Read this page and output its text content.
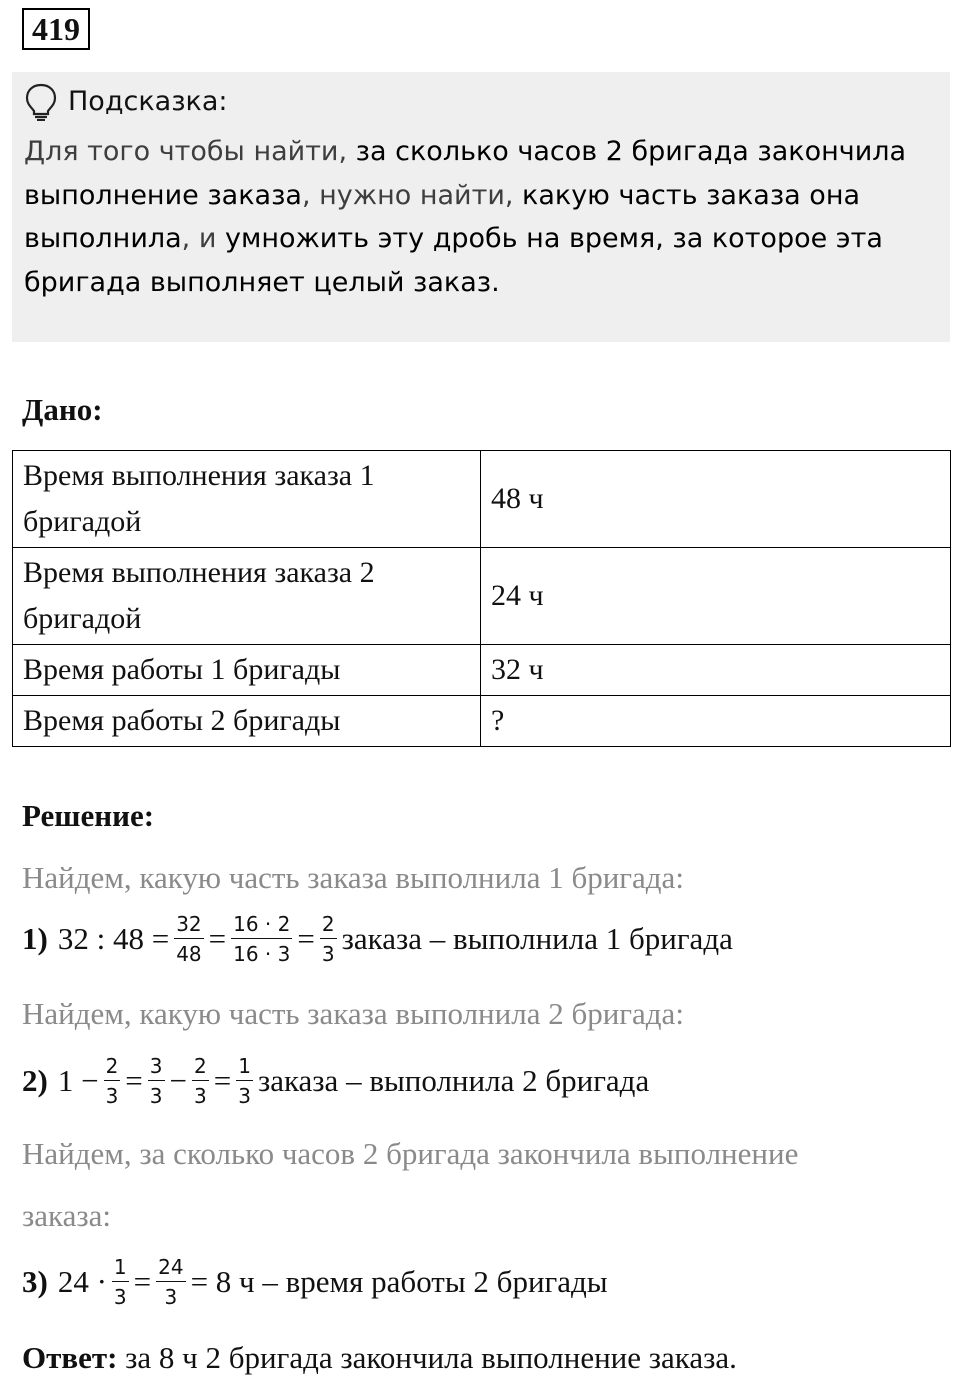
419
Подсказка:
Для того чтобы найти, за сколько часов 2 бригада закончила выполнение заказа, нужно найти, какую часть заказа она выполнила, и умножить эту дробь на время, за которое эта бригада выполняет целый заказ.
Дано:
Время выполнения заказа 1 бригадой	48 ч
Время выполнения заказа 2 бригадой	24 ч
Время работы 1 бригады	32 ч
Время работы 2 бригады	?
Решение:
Найдем, какую часть заказа выполнила 1 бригада:
1) 32 : $48 = \frac{32}{48} = \frac{16 \cdot 2}{16 \cdot 3} = \frac{2}{3}$ заказа – выполнила 1 бригада
Найдем, какую часть заказа выполнила 2 бригада:
2) $1 - \frac{2}{3} = \frac{3}{3} - \frac{2}{3} = \frac{1}{3}$ заказа – выполнила 2 бригада
Найдем, за сколько часов 2 бригада закончила выполнение
заказа:
3) $24 \cdot \frac{1}{3} = \frac{24}{3} = 8$ ч – время работы 2 бригады
Ответ: за 8 ч 2 бригада закончила выполнение заказа.
